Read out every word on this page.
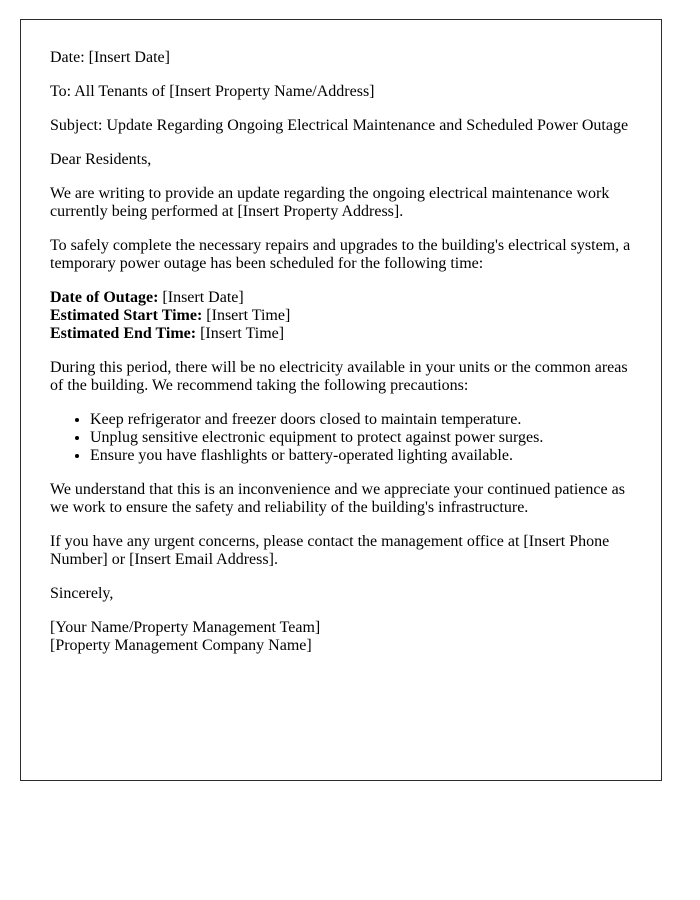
Date: [Insert Date]

To: All Tenants of [Insert Property Name/Address]

Subject: Update Regarding Ongoing Electrical Maintenance and Scheduled Power Outage

Dear Residents,

We are writing to provide an update regarding the ongoing electrical maintenance work currently being performed at [Insert Property Address].

To safely complete the necessary repairs and upgrades to the building's electrical system, a temporary power outage has been scheduled for the following time:

Date of Outage: [Insert Date]
Estimated Start Time: [Insert Time]
Estimated End Time: [Insert Time]

During this period, there will be no electricity available in your units or the common areas of the building. We recommend taking the following precautions:

• Keep refrigerator and freezer doors closed to maintain temperature.
• Unplug sensitive electronic equipment to protect against power surges.
• Ensure you have flashlights or battery-operated lighting available.

We understand that this is an inconvenience and we appreciate your continued patience as we work to ensure the safety and reliability of the building's infrastructure.

If you have any urgent concerns, please contact the management office at [Insert Phone Number] or [Insert Email Address].

Sincerely,

[Your Name/Property Management Team]
[Property Management Company Name]
